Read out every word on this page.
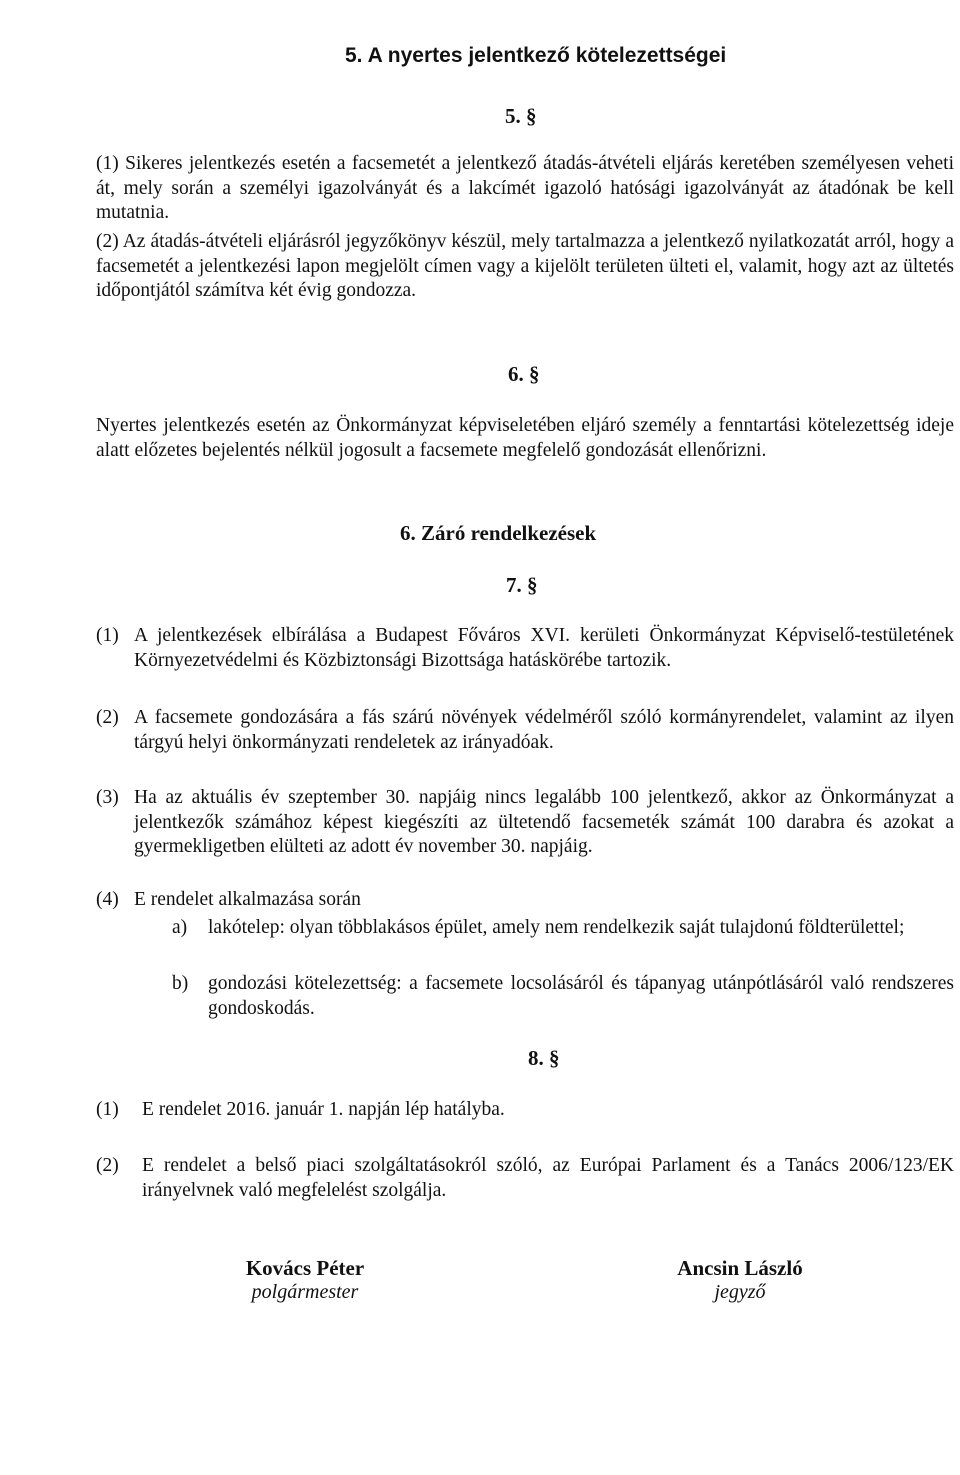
5. A nyertes jelentkező kötelezettségei
5. §
(1) Sikeres jelentkezés esetén a facsemetét a jelentkező átadás-átvételi eljárás keretében személyesen veheti át, mely során a személyi igazolványát és a lakcímét igazoló hatósági igazolványát az átadónak be kell mutatnia.
(2) Az átadás-átvételi eljárásról jegyzőkönyv készül, mely tartalmazza a jelentkező nyilatkozatát arról, hogy a facsemetét a jelentkezési lapon megjelölt címen vagy a kijelölt területen ülteti el, valamit, hogy azt az ültetés időpontjától számítva két évig gondozza.
6. §
Nyertes jelentkezés esetén az Önkormányzat képviseletében eljáró személy a fenntartási kötelezettség ideje alatt előzetes bejelentés nélkül jogosult a facsemete megfelelő gondozását ellenőrizni.
6. Záró rendelkezések
7. §
(1) A jelentkezések elbírálása a Budapest Főváros XVI. kerületi Önkormányzat Képviselő-testületének Környezetvédelmi és Közbiztonsági Bizottsága hatáskörébe tartozik.
(2) A facsemete gondozására a fás szárú növények védelméről szóló kormányrendelet, valamint az ilyen tárgyú helyi önkormányzati rendeletek az irányadóak.
(3) Ha az aktuális év szeptember 30. napjáig nincs legalább 100 jelentkező, akkor az Önkormányzat a jelentkezők számához képest kiegészíti az ültetendő facsemeték számát 100 darabra és azokat a gyermekligetben elülteti az adott év november 30. napjáig.
(4) E rendelet alkalmazása során
a) lakótelep: olyan többlakásos épület, amely nem rendelkezik saját tulajdonú földterülettel;
b) gondozási kötelezettség: a facsemete locsolásáról és tápanyag utánpótlásáról való rendszeres gondoskodás.
8. §
(1) E rendelet 2016. január 1. napján lép hatályba.
(2) E rendelet a belső piaci szolgáltatásokról szóló, az Európai Parlament és a Tanács 2006/123/EK irányelvnek való megfelelést szolgálja.
Kovács Péter
polgármester
Ancsin László
jegyző
